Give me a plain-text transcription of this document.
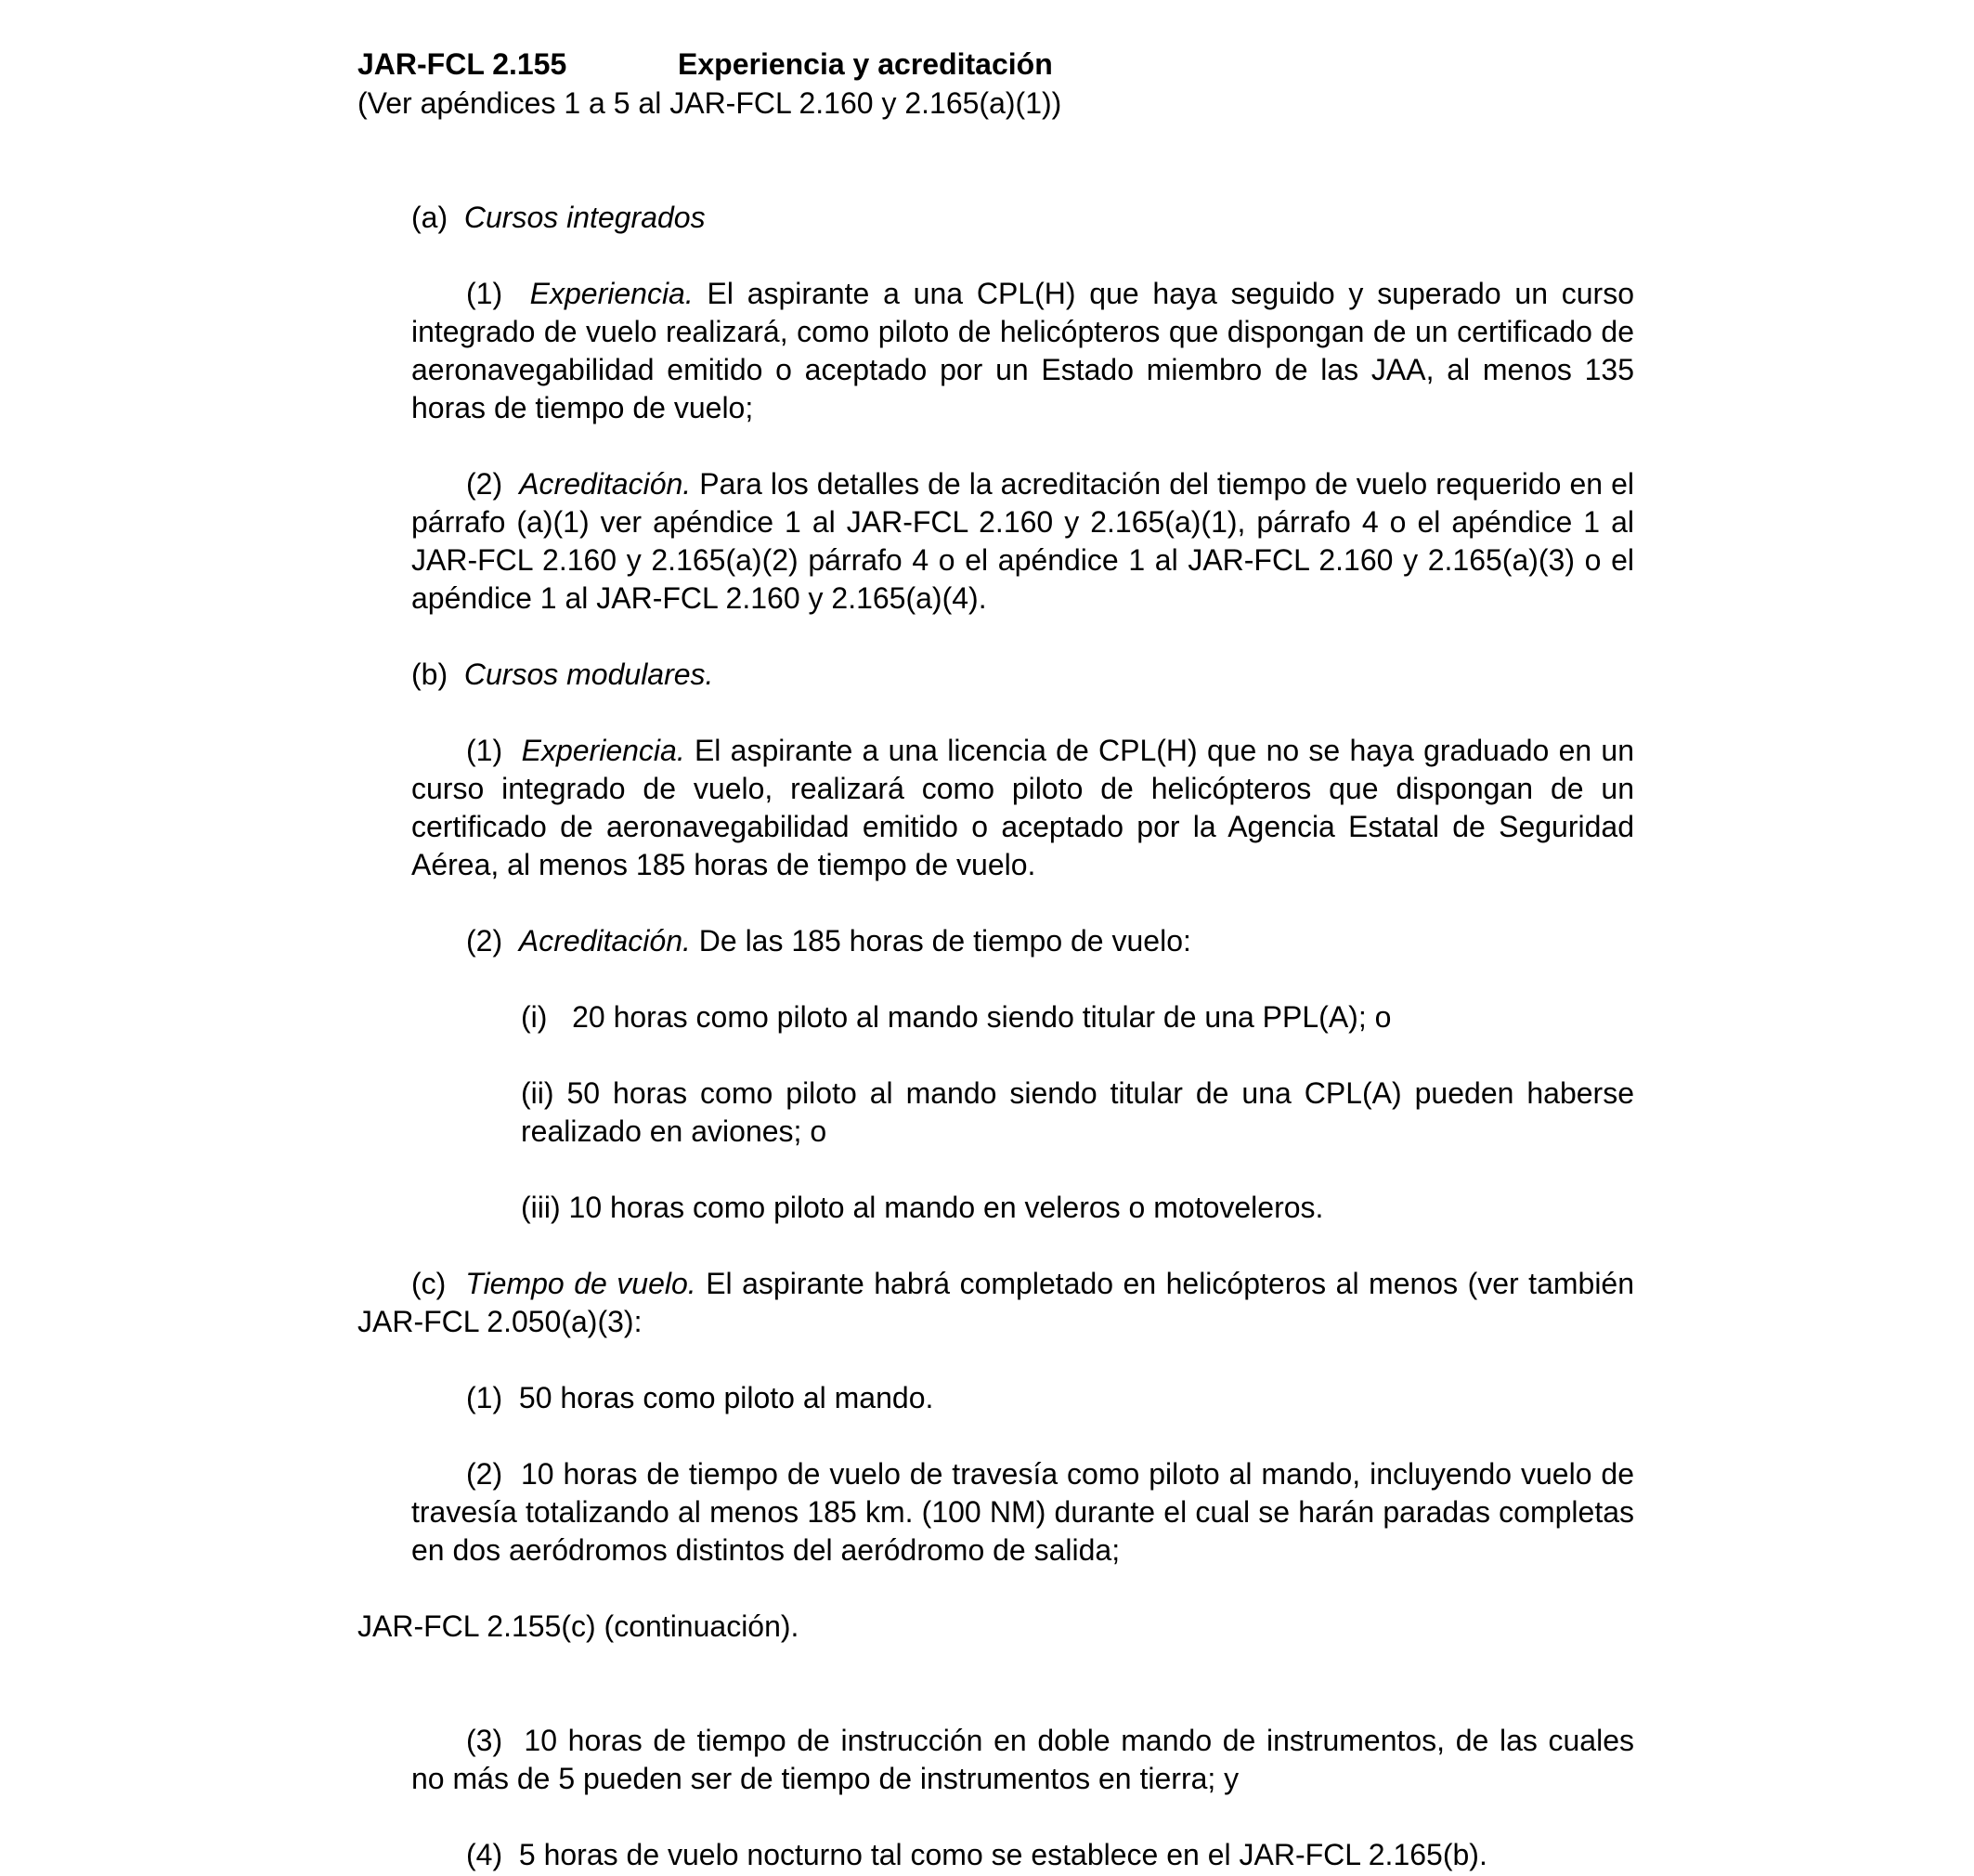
JAR-FCL 2.155	Experiencia y acreditación
(Ver apéndices 1 a 5 al JAR-FCL 2.160 y 2.165(a)(1))

(a) Cursos integrados

(1) Experiencia. El aspirante a una CPL(H) que haya seguido y superado un curso integrado de vuelo realizará, como piloto de helicópteros que dispongan de un certificado de aeronavegabilidad emitido o aceptado por un Estado miembro de las JAA, al menos 135 horas de tiempo de vuelo;

(2) Acreditación. Para los detalles de la acreditación del tiempo de vuelo requerido en el párrafo (a)(1) ver apéndice 1 al JAR-FCL 2.160 y 2.165(a)(1), párrafo 4 o el apéndice 1 al JAR-FCL 2.160 y 2.165(a)(2) párrafo 4 o el apéndice 1 al JAR-FCL 2.160 y 2.165(a)(3) o el apéndice 1 al JAR-FCL 2.160 y 2.165(a)(4).

(b) Cursos modulares.

(1) Experiencia. El aspirante a una licencia de CPL(H) que no se haya graduado en un curso integrado de vuelo, realizará como piloto de helicópteros que dispongan de un certificado de aeronavegabilidad emitido o aceptado por la Agencia Estatal de Seguridad Aérea, al menos 185 horas de tiempo de vuelo.

(2) Acreditación. De las 185 horas de tiempo de vuelo:

(i) 20 horas como piloto al mando siendo titular de una PPL(A); o

(ii) 50 horas como piloto al mando siendo titular de una CPL(A) pueden haberse realizado en aviones; o

(iii) 10 horas como piloto al mando en veleros o motoveleros.

(c) Tiempo de vuelo. El aspirante habrá completado en helicópteros al menos (ver también JAR-FCL 2.050(a)(3):

(1) 50 horas como piloto al mando.

(2) 10 horas de tiempo de vuelo de travesía como piloto al mando, incluyendo vuelo de travesía totalizando al menos 185 km. (100 NM) durante el cual se harán paradas completas en dos aeródromos distintos del aeródromo de salida;

JAR-FCL 2.155(c) (continuación).

(3) 10 horas de tiempo de instrucción en doble mando de instrumentos, de las cuales no más de 5 pueden ser de tiempo de instrumentos en tierra; y

(4) 5 horas de vuelo nocturno tal como se establece en el JAR-FCL 2.165(b).
